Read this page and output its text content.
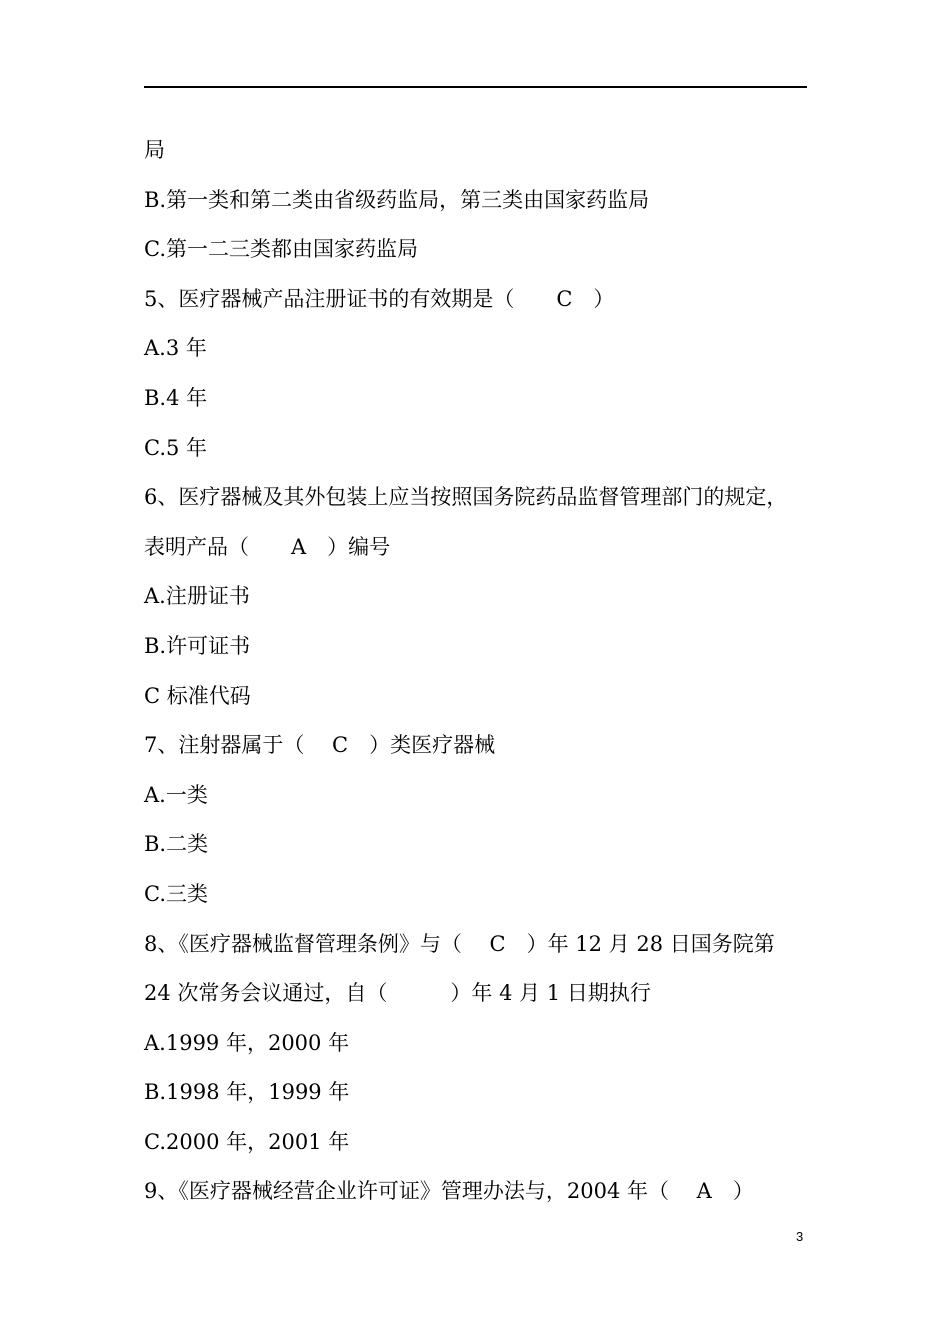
局
B.第一类和第二类由省级药监局，第三类由国家药监局
C.第一二三类都由国家药监局
5、医疗器械产品注册证书的有效期是（　　C　）
A.3 年
B.4 年
C.5 年
6、医疗器械及其外包装上应当按照国务院药品监督管理部门的规定，
表明产品（　　A　）编号
A.注册证书
B.许可证书
C 标准代码
7、注射器属于（　 C　）类医疗器械
A.一类
B.二类
C.三类
8、《医疗器械监督管理条例》与（　 C　）年 12 月 28 日国务院第
24 次常务会议通过，自（　　　）年 4 月 1 日期执行
A.1999 年，2000 年
B.1998 年，1999 年
C.2000 年，2001 年
9、《医疗器械经营企业许可证》管理办法与，2004 年（　 A　）
3
